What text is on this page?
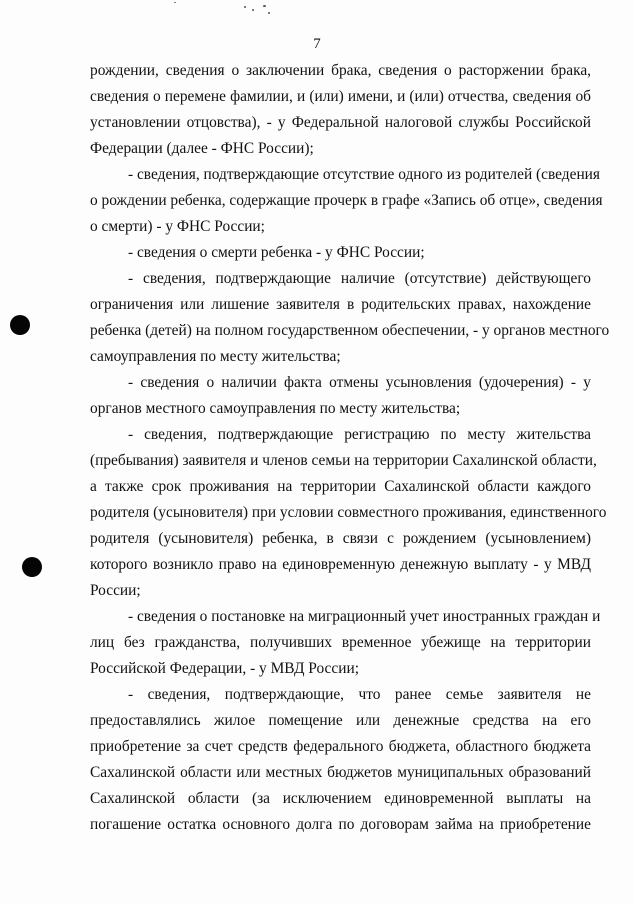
7
рождении, сведения о заключении брака, сведения о расторжении брака,
сведения о перемене фамилии, и (или) имени, и (или) отчества, сведения об
установлении отцовства), - у Федеральной налоговой службы Российской
Федерации (далее - ФНС России);
- сведения, подтверждающие отсутствие одного из родителей (сведения
о рождении ребенка, содержащие прочерк в графе «Запись об отце», сведения
о смерти) - у ФНС России;
- сведения о смерти ребенка - у ФНС России;
- сведения, подтверждающие наличие (отсутствие) действующего
ограничения или лишение заявителя в родительских правах, нахождение
ребенка (детей) на полном государственном обеспечении, - у органов местного
самоуправления по месту жительства;
- сведения о наличии факта отмены усыновления (удочерения) - у
органов местного самоуправления по месту жительства;
- сведения, подтверждающие регистрацию по месту жительства
(пребывания) заявителя и членов семьи на территории Сахалинской области,
а также срок проживания на территории Сахалинской области каждого
родителя (усыновителя) при условии совместного проживания, единственного
родителя (усыновителя) ребенка, в связи с рождением (усыновлением)
которого возникло право на единовременную денежную выплату - у МВД
России;
- сведения о постановке на миграционный учет иностранных граждан и
лиц без гражданства, получивших временное убежище на территории
Российской Федерации, - у МВД России;
- сведения, подтверждающие, что ранее семье заявителя не
предоставлялись жилое помещение или денежные средства на его
приобретение за счет средств федерального бюджета, областного бюджета
Сахалинской области или местных бюджетов муниципальных образований
Сахалинской области (за исключением единовременной выплаты на
погашение остатка основного долга по договорам займа на приобретение
